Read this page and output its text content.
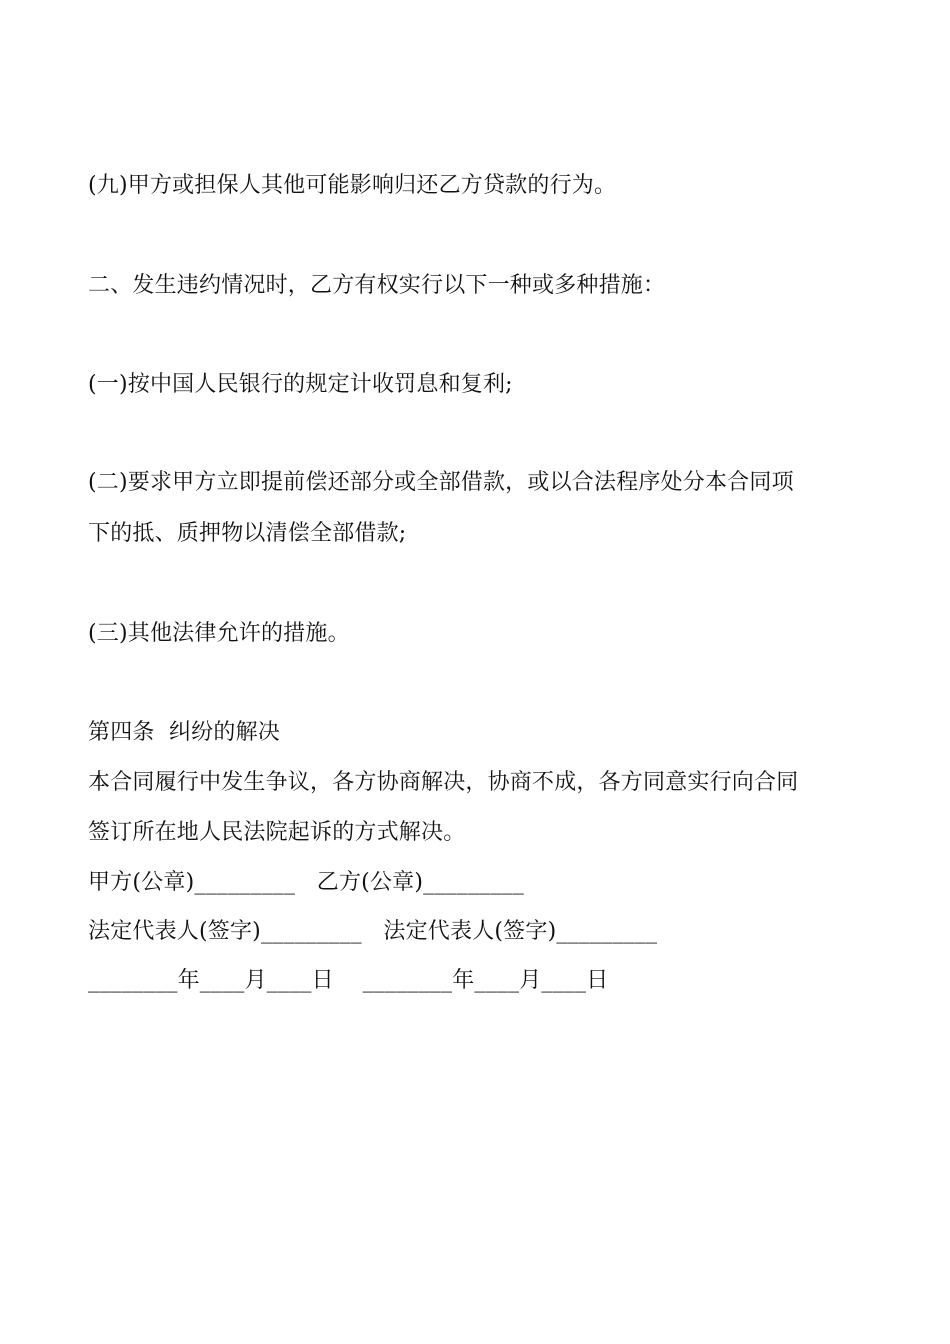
(九)甲方或担保人其他可能影响归还乙方贷款的行为。
二、发生违约情况时，乙方有权实行以下一种或多种措施：
(一)按中国人民银行的规定计收罚息和复利;
(二)要求甲方立即提前偿还部分或全部借款，或以合法程序处分本合同项
下的抵、质押物以清偿全部借款;
(三)其他法律允许的措施。
第四条  纠纷的解决
本合同履行中发生争议，各方协商解决，协商不成，各方同意实行向合同
签订所在地人民法院起诉的方式解决。
甲方(公章)_________ 乙方(公章)_________
法定代表人(签字)_________ 法定代表人(签字)_________
________年____月____日 ________年____月____日
